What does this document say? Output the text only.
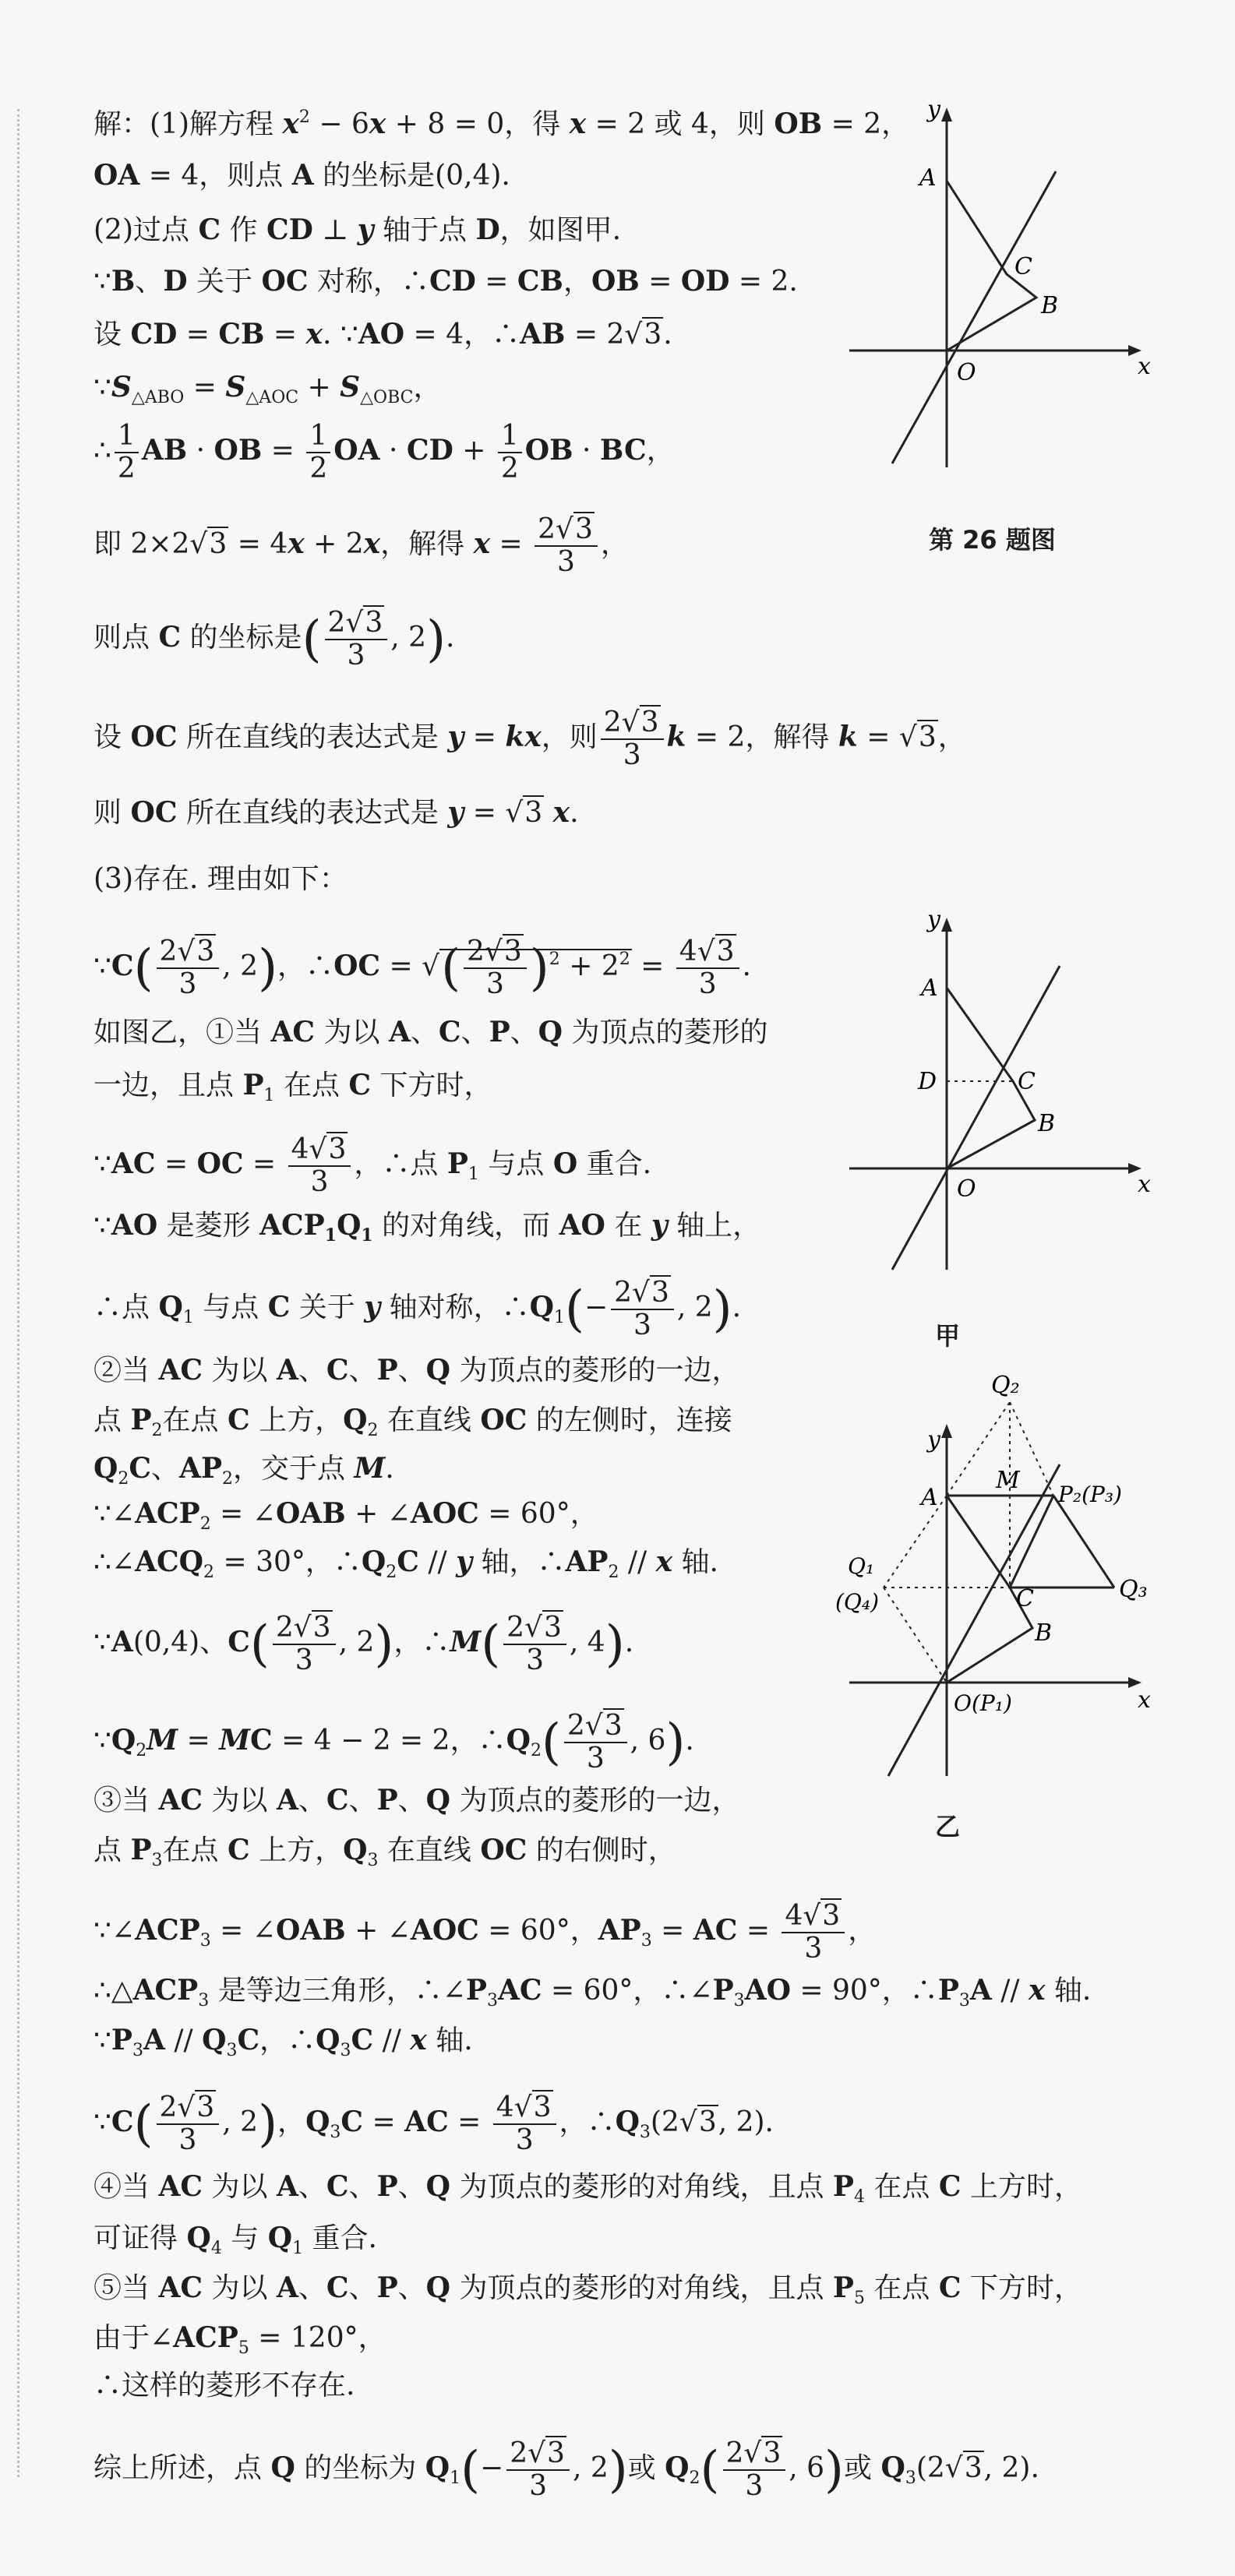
解：(1)解方程 $x^2 - 6x + 8 = 0$，得 x = 2 或 4，则 OB = 2，
OA = 4，则点 A 的坐标是(0,4).
(2)过点 C 作 CD ⊥ y 轴于点 D，如图甲.
∵B、D 关于 OC 对称，∴CD = CB，OB = OD = 2.
设 CD = CB = x. ∵AO = 4，∴AB = 2√3.
$\because S_{\triangle ABO} = S_{\triangle AOC} + S_{\triangle OBC}$，
∴ $\frac{1}{2}$ AB · OB = $\frac{1}{2}$ OA · CD + $\frac{1}{2}$ OB · BC，
即 2×2√3 = 4x + 2x，解得 $x = \frac{2√3}{3}$ ，
则点 C 的坐标是( $\frac{2√3}{3}$ , 2).
设 OC 所在直线的表达式是 y = kx，则 $\frac{2√3}{3}$ k = 2，解得 k = √3，
则 OC 所在直线的表达式是 y = √3 x.
(3)存在. 理由如下：
∵C( $\frac{2√3}{3}$ , 2)，∴OC = √( $\frac{2√3}{3} )^2 + 2^2 = \frac{4√3}{3}$ .
如图乙，①当 AC 为以 A、C、P、Q 为顶点的菱形的
一边，且点 $P_1$ 在点 C 下方时，
∵AC = OC = $\frac{4√3}{3}$ ，∴点 $P_1$ 与点 O 重合.
∵AO 是菱形 $ACP_1Q_1$ 的对角线，而 AO 在 y 轴上，
∴点 $Q_1$ 与点 C 关于 y 轴对称，$\therefore Q_1(- \frac{2√3}{3}$ , 2).
②当 AC 为以 A、C、P、Q 为顶点的菱形的一边，
点 $P_2$在点 C 上方，$Q_2$ 在直线 OC 的左侧时，连接
$Q_2C$、$AP_2$，交于点 M.
$\because\angle ACP_2$ = ∠OAB + ∠AOC = 60°，
$\therefore\angle ACQ_2 = 30^\circ$，$\therefore Q_2C$ // y 轴，$\therefore AP_2$ // x 轴.
∵A(0,4)、$C( \frac{2√3}{3}$ , 2)，∴M( $\frac{2√3}{3}$ , 4).
$\because Q_2M$ = MC = 4 − 2 = 2，$\therefore Q_2( \frac{2√3}{3}$ , 6).
③当 AC 为以 A、C、P、Q 为顶点的菱形的一边，
点 $P_3$在点 C 上方，$Q_3$ 在直线 OC 的右侧时，
$\because\angle ACP_3$ = ∠OAB + ∠AOC = 60°，$AP_3$ = AC = $\frac{4√3}{3}$ ，
$\therefore\triangle ACP_3$ 是等边三角形，$\therefore\angle P_3AC = 60^\circ$，$\therefore\angle P_3AO = 90^\circ$，$\therefore P_3A$ // x 轴.
$\because P_3A // Q_3C$，$\therefore Q_3C$ // x 轴.
∵C( $\frac{2√3}{3}$ , 2)，$Q_3C$ = AC = $\frac{4√3}{3}$ ，$\therefore Q_3(2√3$, 2).
④当 AC 为以 A、C、P、Q 为顶点的菱形的对角线，且点 $P_4$ 在点 C 上方时，
可证得 $Q_4$ 与 $Q_1$ 重合.
⑤当 AC 为以 A、C、P、Q 为顶点的菱形的对角线，且点 $P_5$ 在点 C 下方时，
由于$\angle ACP_5 = 120^\circ$，
∴这样的菱形不存在.
综上所述，点 Q 的坐标为 $Q_1(- \frac{2√3}{3}$ , 2)或 $Q_2( \frac{2√3}{3}$ , 6)或 $Q_3(2√3$, 2).
y
x
A
C
B
O
第 26 题图
y
x
A
D	C
B
O
甲
y
x
A
M
Q₂
P₂(P₃)
Q₁
(Q₄)	C	Q₃
B
O(P₁)
乙
